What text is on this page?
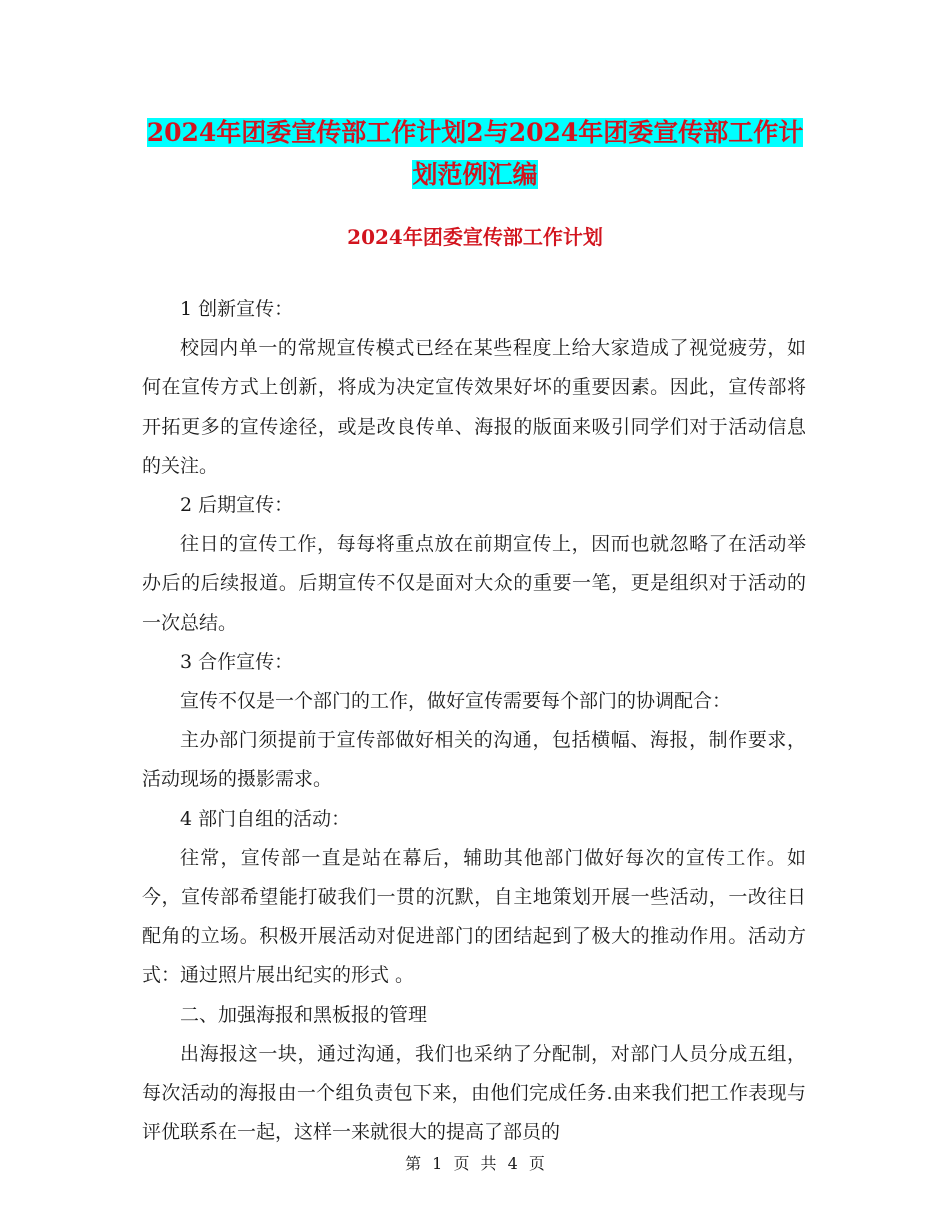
2024年团委宣传部工作计划2与2024年团委宣传部工作计划范例汇编
2024年团委宣传部工作计划

1 创新宣传：

校园内单一的常规宣传模式已经在某些程度上给大家造成了视觉疲劳，如何在宣传方式上创新，将成为决定宣传效果好坏的重要因素。因此，宣传部将开拓更多的宣传途径，或是改良传单、海报的版面来吸引同学们对于活动信息的关注。

2 后期宣传：

往日的宣传工作，每每将重点放在前期宣传上，因而也就忽略了在活动举办后的后续报道。后期宣传不仅是面对大众的重要一笔，更是组织对于活动的一次总结。

3 合作宣传：

宣传不仅是一个部门的工作，做好宣传需要每个部门的协调配合：

主办部门须提前于宣传部做好相关的沟通，包括横幅、海报，制作要求，活动现场的摄影需求。

4 部门自组的活动：

往常，宣传部一直是站在幕后，辅助其他部门做好每次的宣传工作。如今，宣传部希望能打破我们一贯的沉默，自主地策划开展一些活动，一改往日配角的立场。积极开展活动对促进部门的团结起到了极大的推动作用。活动方式：通过照片展出纪实的形式 。

二、加强海报和黑板报的管理

出海报这一块，通过沟通，我们也采纳了分配制，对部门人员分成五组，每次活动的海报由一个组负责包下来，由他们完成任务.由来我们把工作表现与评优联系在一起，这样一来就很大的提高了部员的

第 1 页 共 4 页
